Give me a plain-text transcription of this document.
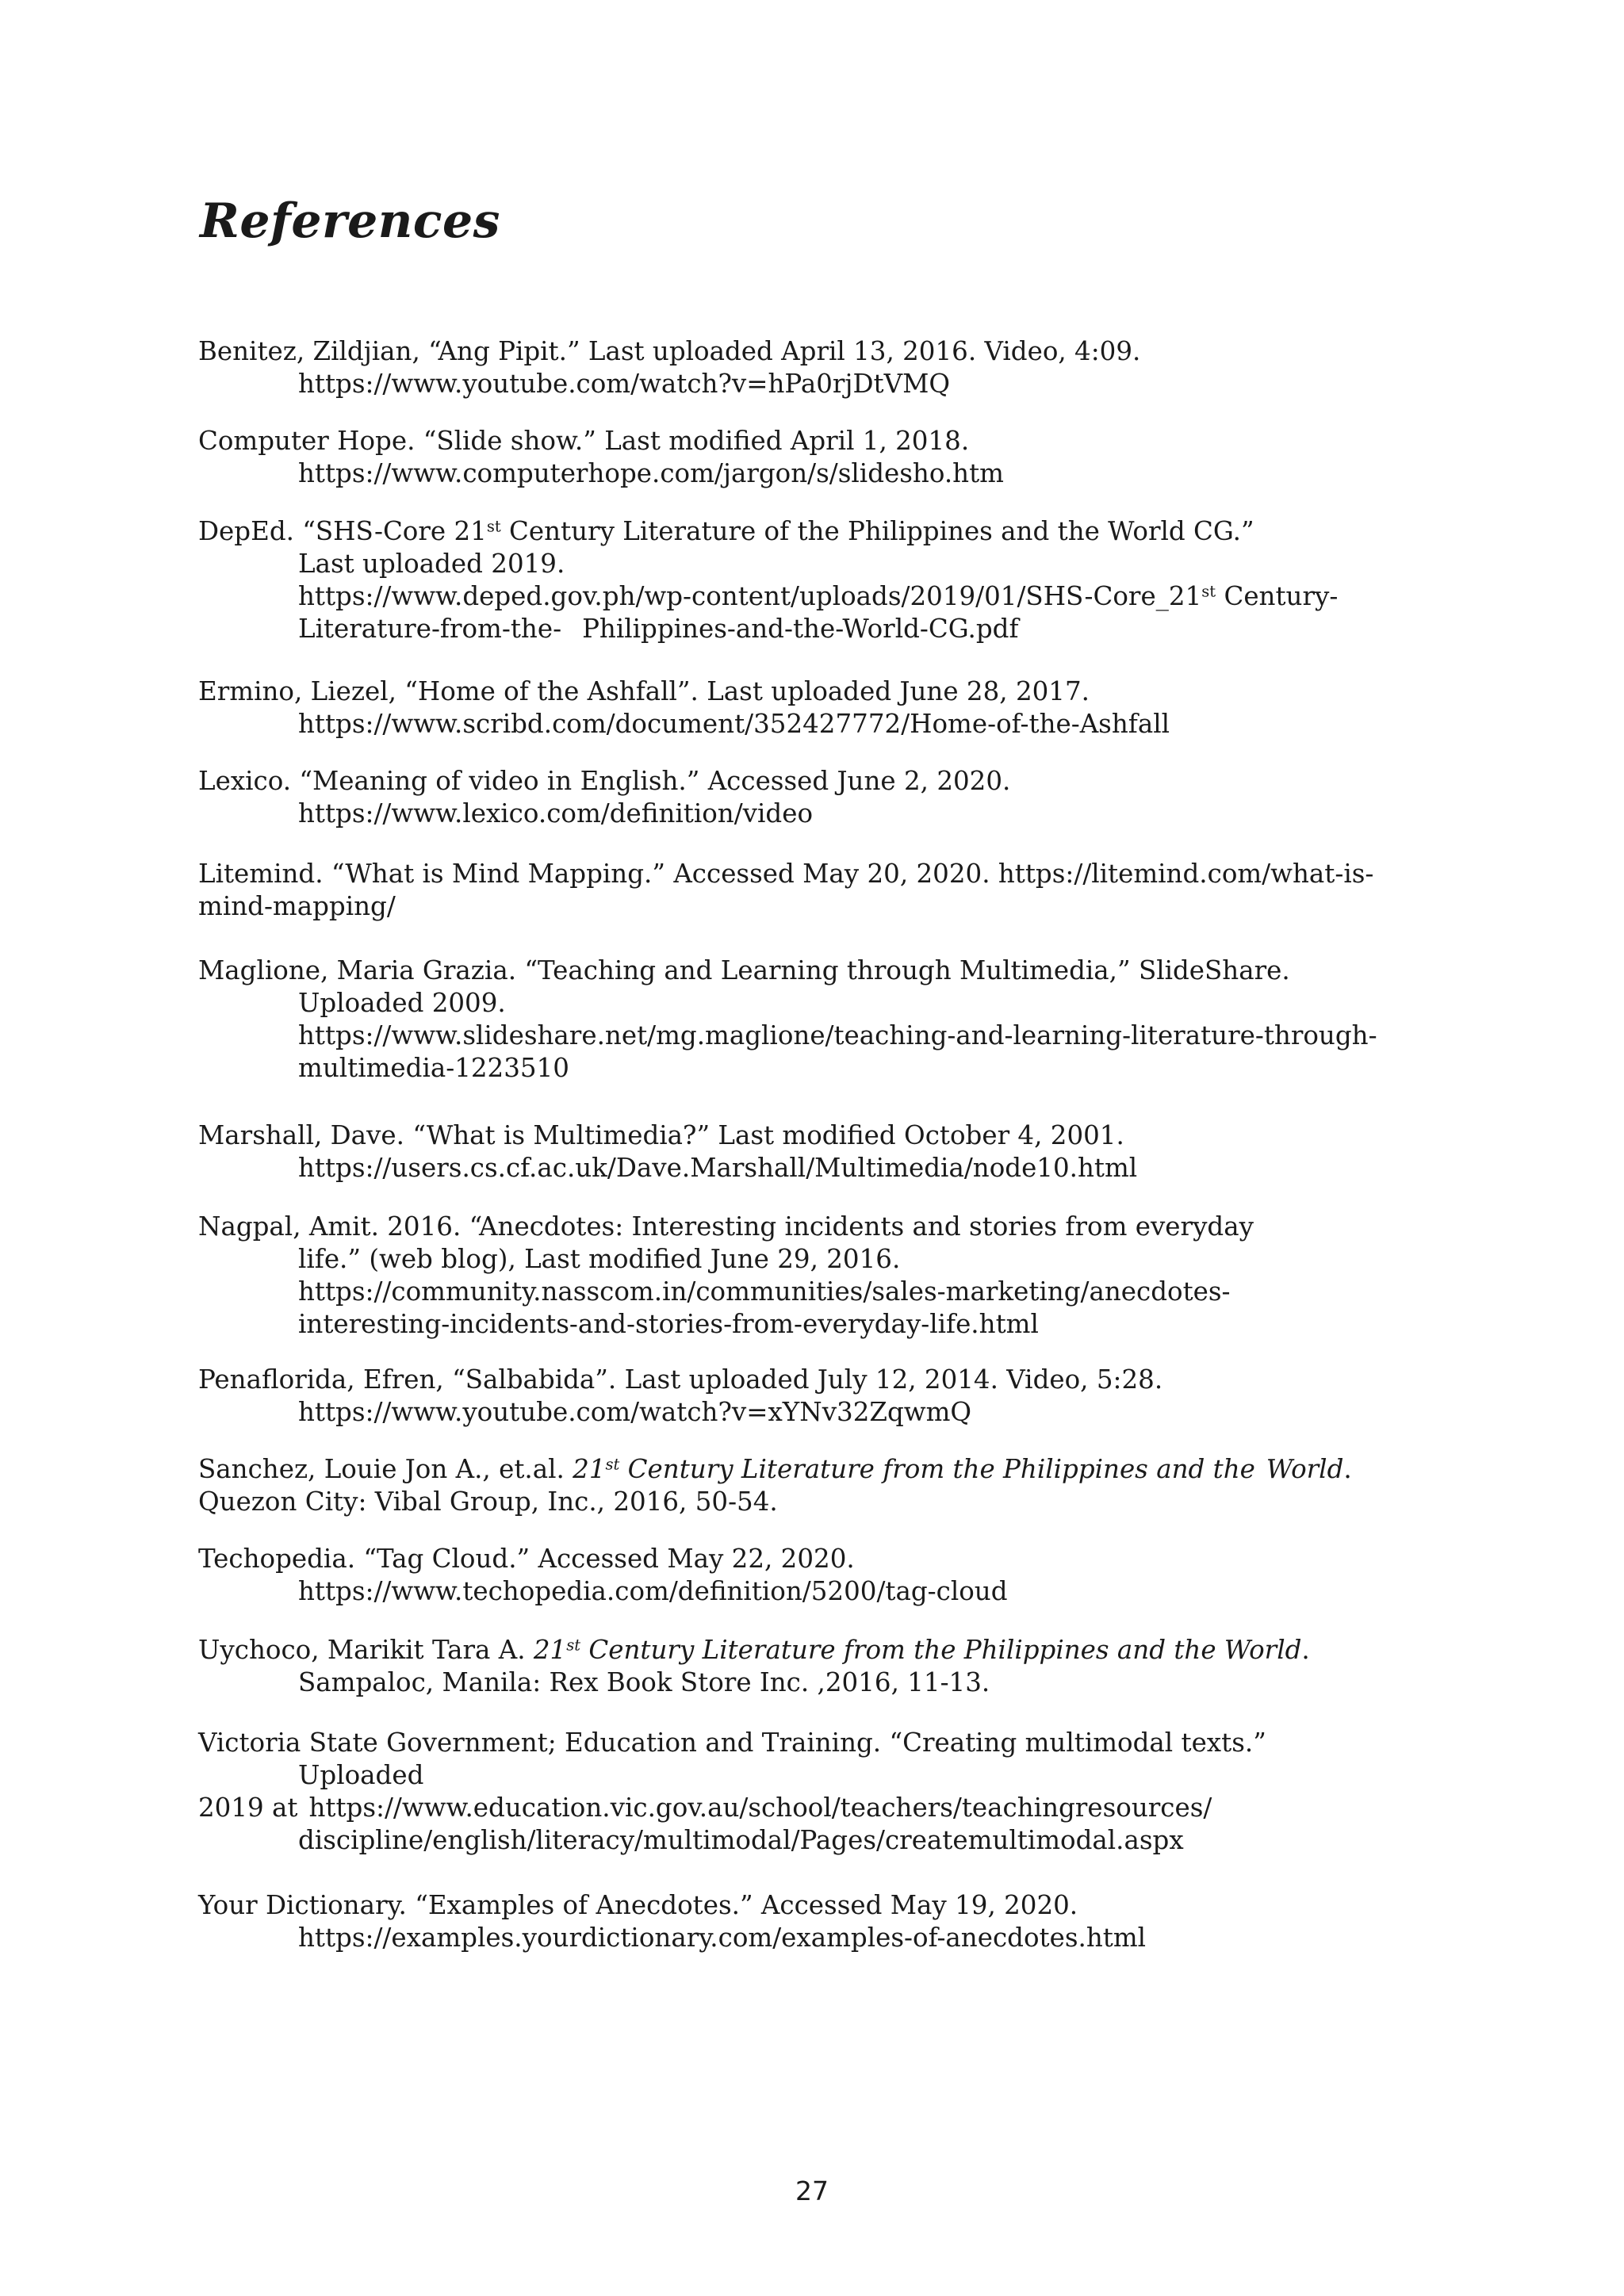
References
Benitez, Zildjian, “Ang Pipit.” Last uploaded April 13, 2016. Video, 4:09.
https://www.youtube.com/watch?v=hPa0rjDtVMQ
Computer Hope. “Slide show.” Last modified April 1, 2018.
https://www.computerhope.com/jargon/s/slidesho.htm
DepEd. “SHS-Core 21st Century Literature of the Philippines and the World CG.”
Last uploaded 2019.
https://www.deped.gov.ph/wp-content/uploads/2019/01/SHS-Core_21st Century-
Literature-from-the- Philippines-and-the-World-CG.pdf
Ermino, Liezel, “Home of the Ashfall”. Last uploaded June 28, 2017.
https://www.scribd.com/document/352427772/Home-of-the-Ashfall
Lexico. “Meaning of video in English.” Accessed June 2, 2020.
https://www.lexico.com/definition/video
Litemind. “What is Mind Mapping.” Accessed May 20, 2020. https://litemind.com/what-is-
mind-mapping/
Maglione, Maria Grazia. “Teaching and Learning through Multimedia,” SlideShare.
Uploaded 2009.
https://www.slideshare.net/mg.maglione/teaching-and-learning-literature-through-
multimedia-1223510
Marshall, Dave. “What is Multimedia?” Last modified October 4, 2001.
https://users.cs.cf.ac.uk/Dave.Marshall/Multimedia/node10.html
Nagpal, Amit. 2016. “Anecdotes: Interesting incidents and stories from everyday
life.” (web blog), Last modified June 29, 2016.
https://community.nasscom.in/communities/sales-marketing/anecdotes-
interesting-incidents-and-stories-from-everyday-life.html
Penaflorida, Efren, “Salbabida”. Last uploaded July 12, 2014. Video, 5:28.
https://www.youtube.com/watch?v=xYNv32ZqwmQ
Sanchez, Louie Jon A., et.al. 21st Century Literature from the Philippines and the World.
Quezon City: Vibal Group, Inc., 2016, 50-54.
Techopedia. “Tag Cloud.” Accessed May 22, 2020.
https://www.techopedia.com/definition/5200/tag-cloud
Uychoco, Marikit Tara A. 21st Century Literature from the Philippines and the World.
Sampaloc, Manila: Rex Book Store Inc. ,2016, 11-13.
Victoria State Government; Education and Training. “Creating multimodal texts.”
Uploaded
2019 at https://www.education.vic.gov.au/school/teachers/teachingresources/
discipline/english/literacy/multimodal/Pages/createmultimodal.aspx
Your Dictionary. “Examples of Anecdotes.” Accessed May 19, 2020.
https://examples.yourdictionary.com/examples-of-anecdotes.html
27
